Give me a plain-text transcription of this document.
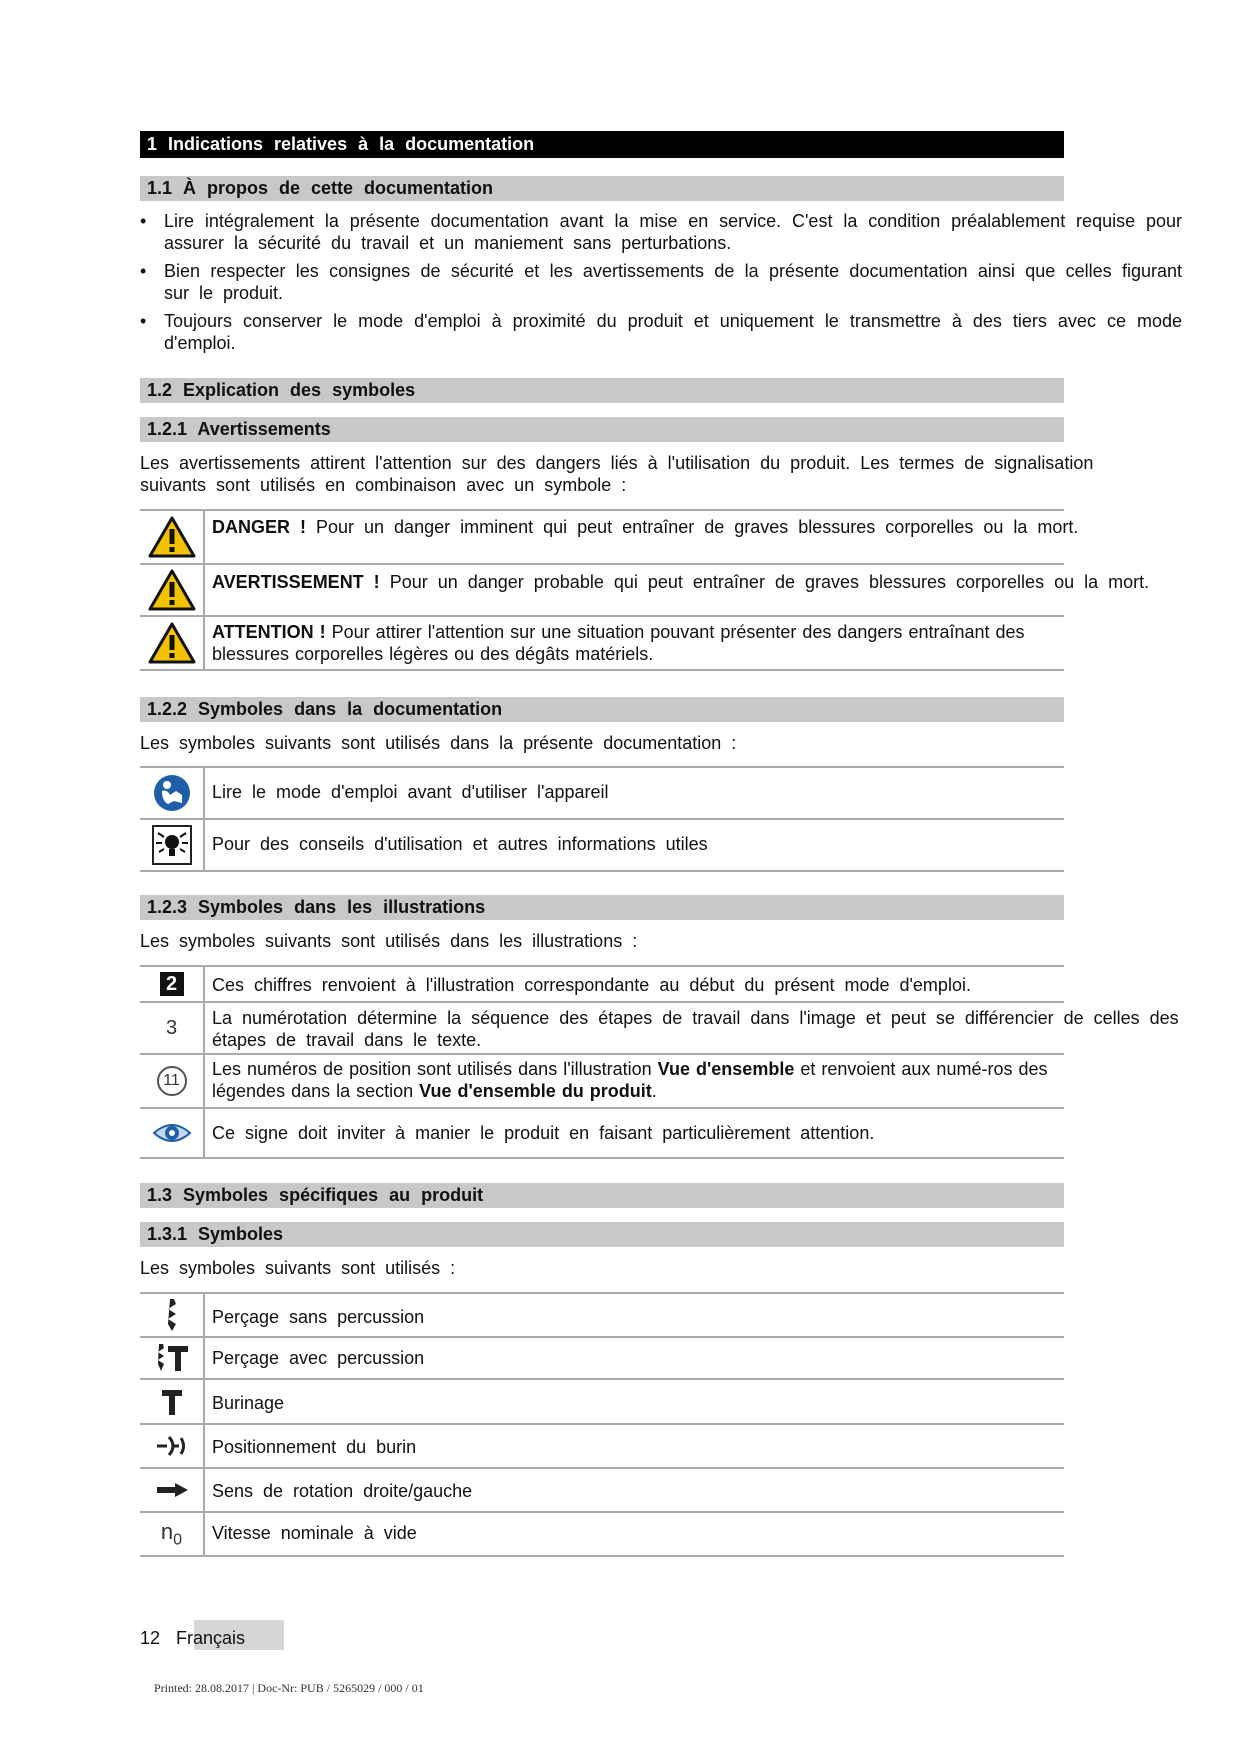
1 Indications relatives à la documentation
1.1 À propos de cette documentation
• Lire intégralement la présente documentation avant la mise en service. C'est la condition préalablement requise pour assurer la sécurité du travail et un maniement sans perturbations.
• Bien respecter les consignes de sécurité et les avertissements de la présente documentation ainsi que celles figurant sur le produit.
• Toujours conserver le mode d'emploi à proximité du produit et uniquement le transmettre à des tiers avec ce mode d'emploi.
1.2 Explication des symboles
1.2.1 Avertissements
Les avertissements attirent l'attention sur des dangers liés à l'utilisation du produit. Les termes de signalisation suivants sont utilisés en combinaison avec un symbole :
DANGER ! Pour un danger imminent qui peut entraîner de graves blessures corporelles ou la mort.
AVERTISSEMENT ! Pour un danger probable qui peut entraîner de graves blessures corporelles ou la mort.
ATTENTION ! Pour attirer l'attention sur une situation pouvant présenter des dangers entraînant des blessures corporelles légères ou des dégâts matériels.
1.2.2 Symboles dans la documentation
Les symboles suivants sont utilisés dans la présente documentation :
Lire le mode d'emploi avant d'utiliser l'appareil
Pour des conseils d'utilisation et autres informations utiles
1.2.3 Symboles dans les illustrations
Les symboles suivants sont utilisés dans les illustrations :
2	Ces chiffres renvoient à l'illustration correspondante au début du présent mode d'emploi.
3 La numérotation détermine la séquence des étapes de travail dans l'image et peut se différencier de celles des étapes de travail dans le texte.
11
Les numéros de position sont utilisés dans l'illustration Vue d'ensemble et renvoient aux numé-ros des légendes dans la section Vue d'ensemble du produit.
Ce signe doit inviter à manier le produit en faisant particulièrement attention.
1.3 Symboles spécifiques au produit
1.3.1 Symboles
Les symboles suivants sont utilisés :
Perçage sans percussion
Perçage avec percussion
Burinage
Positionnement du burin
Sens de rotation droite/gauche
$n_0$ Vitesse nominale à vide
12 Français
Printed: 28.08.2017 | Doc-Nr: PUB / 5265029 / 000 / 01
